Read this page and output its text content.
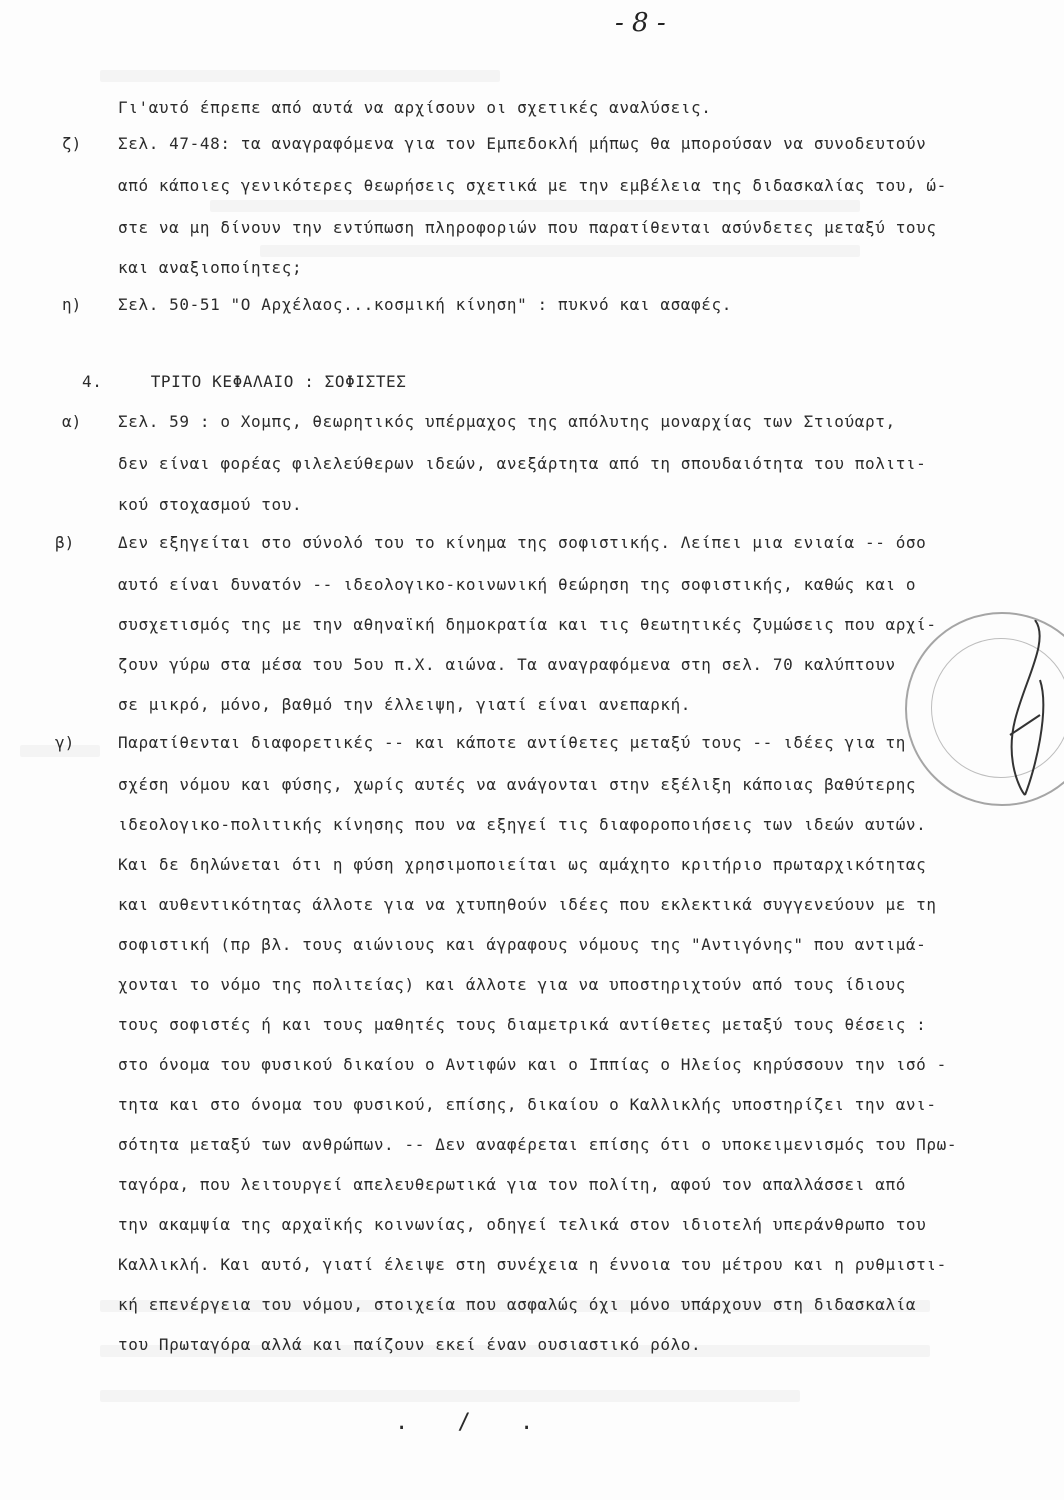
- 8 -
Γι'αυτό έπρεπε από αυτά να αρχίσουν οι σχετικές αναλύσεις.
ζ) Σελ. 47-48: τα αναγραφόμενα για τον Εμπεδοκλή μήπως θα μπορούσαν να συνοδευτούν
από κάποιες γενικότερες θεωρήσεις σχετικά με την εμβέλεια της διδασκαλίας του, ώ-
στε να μη δίνουν την εντύπωση πληροφοριών που παρατίθενται ασύνδετες μεταξύ τους
και αναξιοποίητες;
η) Σελ. 50-51 "Ο Αρχέλαος...κοσμική κίνηση" : πυκνό και ασαφές.
4.	ΤΡΙΤΟ ΚΕΦΑΛΑΙΟ : ΣΟΦΙΣΤΕΣ
α) Σελ. 59 : ο Χομπς, θεωρητικός υπέρμαχος της απόλυτης μοναρχίας των Στιούαρτ,
δεν είναι φορέας φιλελεύθερων ιδεών, ανεξάρτητα από τη σπουδαιότητα του πολιτι-
κού στοχασμού του.
β)	Δεν εξηγείται στο σύνολό του το κίνημα της σοφιστικής. Λείπει μια ενιαία -- όσο
αυτό είναι δυνατόν -- ιδεολογικο-κοινωνική θεώρηση της σοφιστικής, καθώς και ο
συσχετισμός της με την αθηναϊκή δημοκρατία και τις θεωτητικές ζυμώσεις που αρχί-
ζουν γύρω στα μέσα του 5ου π.Χ. αιώνα. Τα αναγραφόμενα στη σελ. 70 καλύπτουν
σε μικρό, μόνο, βαθμό την έλλειψη, γιατί είναι ανεπαρκή.
γ)	Παρατίθενται διαφορετικές -- και κάποτε αντίθετες μεταξύ τους -- ιδέες για τη
σχέση νόμου και φύσης, χωρίς αυτές να ανάγονται στην εξέλιξη κάποιας βαθύτερης
ιδεολογικο-πολιτικής κίνησης που να εξηγεί τις διαφοροποιήσεις των ιδεών αυτών.
Και δε δηλώνεται ότι η φύση χρησιμοποιείται ως αμάχητο κριτήριο πρωταρχικότητας
και αυθεντικότητας άλλοτε για να χτυπηθούν ιδέες που εκλεκτικά συγγενεύουν με τη
σοφιστική (πρ βλ. τους αιώνιους και άγραφους νόμους της "Αντιγόνης" που αντιμά-
χονται το νόμο της πολιτείας) και άλλοτε για να υποστηριχτούν από τους ίδιους
τους σοφιστές ή και τους μαθητές τους διαμετρικά αντίθετες μεταξύ τους θέσεις :
στο όνομα του φυσικού δικαίου ο Αντιφών και ο Ιππίας ο Ηλείος κηρύσσουν την ισό -
τητα και στο όνομα του φυσικού, επίσης, δικαίου ο Καλλικλής υποστηρίζει την ανι-
σότητα μεταξύ των ανθρώπων. -- Δεν αναφέρεται επίσης ότι ο υποκειμενισμός του Πρω-
ταγόρα, που λειτουργεί απελευθερωτικά για τον πολίτη, αφού τον απαλλάσσει από
την ακαμψία της αρχαϊκής κοινωνίας, οδηγεί τελικά στον ιδιοτελή υπεράνθρωπο του
Καλλικλή. Και αυτό, γιατί έλειψε στη συνέχεια η έννοια του μέτρου και η ρυθμιστι-
κή επενέργεια του νόμου, στοιχεία που ασφαλώς όχι μόνο υπάρχουν στη διδασκαλία
του Πρωταγόρα αλλά και παίζουν εκεί έναν ουσιαστικό ρόλο.
. / .
